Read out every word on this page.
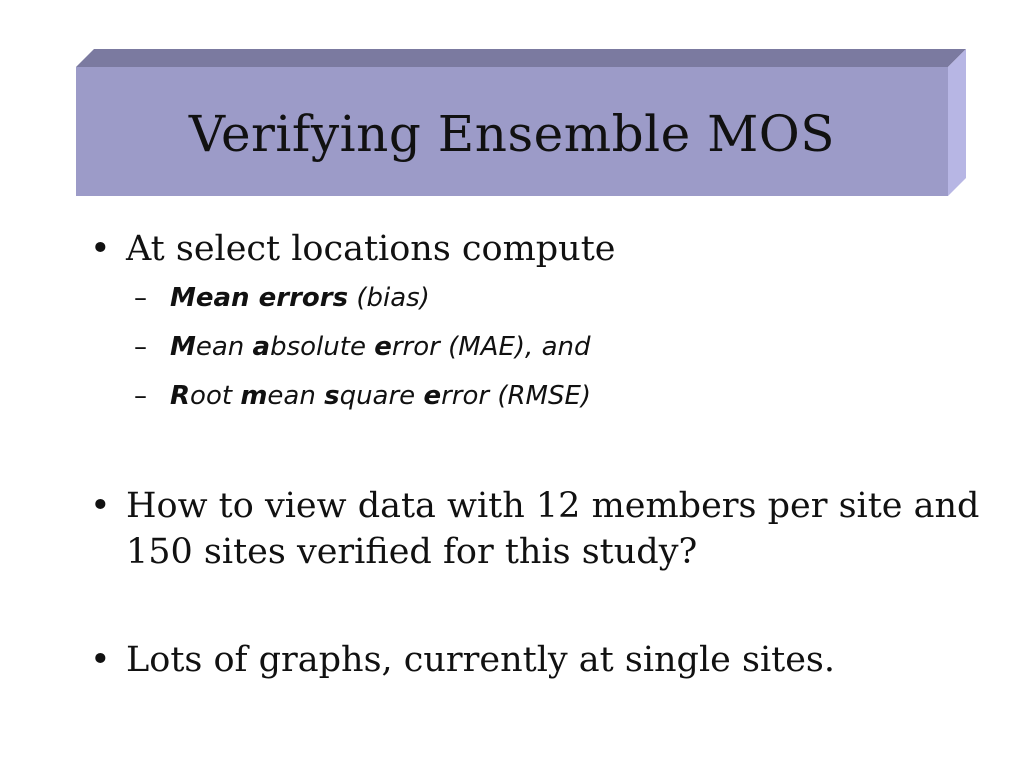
Verifying Ensemble MOS
• At select locations compute
– Mean errors (bias)
– Mean absolute error (MAE), and
– Root mean square error (RMSE)
• How to view data with 12 members per site and 150 sites verified for this study?
• Lots of graphs, currently at single sites.
